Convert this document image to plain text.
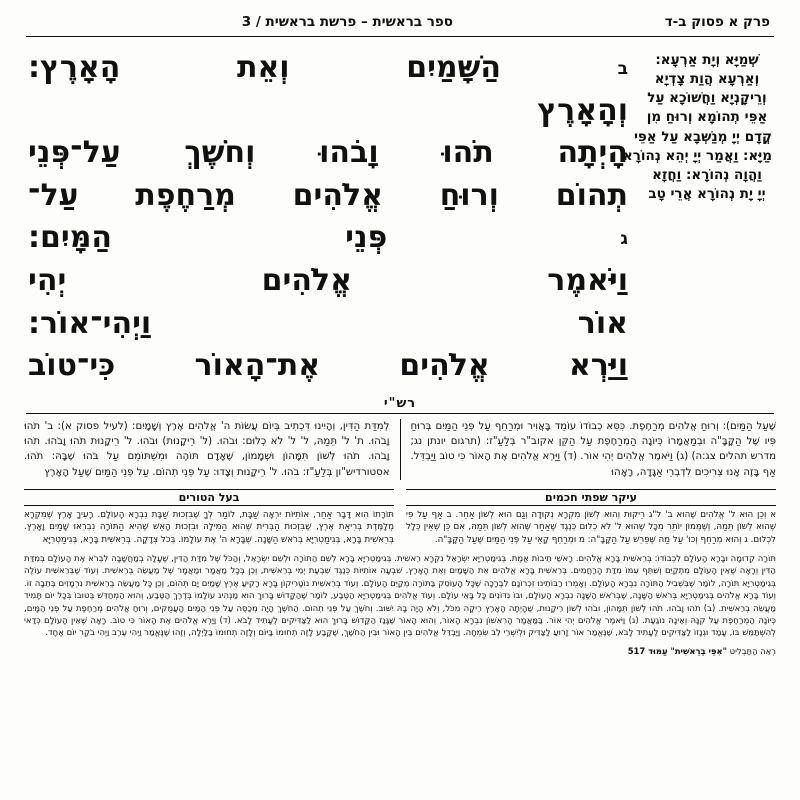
פרק א פסוק ב-ד
ספר בראשית – פרשת בראשית / 3
שְׁמַיָּא וְיָת אַרְעָא:
וְאַרְעָא הֲוַת צָדְיָא
וְרֵיקָנְיָא וַחֲשׁוֹכָא עַל
אַפֵּי תְהוֹמָא וְרוּחַ מִן
קֳדָם יְיָ מְנַשְּׁבָא עַל אַפֵּי
מַיָּא: וַאֲמַר יְיָ יְהֵא נְהוֹרָא
וַהֲוָה נְהוֹרָא: וַחֲזָא
יְיָ יָת נְהוֹרָא אֲרֵי טָב
ב הַשָּׁמַיִם וְאֵת הָאָרֶץ:
וְהָאָרֶץ
הָיְתָה תֹהוּ וָבֹהוּ וְחֹשֶׁךְ עַל־פְּנֵי
תְהוֹם וְרוּחַ אֱלֹהִים מְרַחֶפֶת עַל־
ג פְּנֵי הַמָּיִם:
וַיֹּאמֶר אֱלֹהִים יְהִי
אוֹר וַיְהִי־אוֹר:
וַיַּרְא אֱלֹהִים אֶת־הָאוֹר כִּי־טוֹב
רש"י
שֶׁעַל הַמַּיִם): וְרוּחַ אֱלֹהִים מְרַחֶפֶת. כִּסֵּא כְבוֹדוֹ עוֹמֵד בָּאֲוִיר וּמְרַחֵף עַל פְּנֵי הַמַּיִם בְּרוּחַ פִּיו שֶׁל הַקָּבָּ"ה וּבְמַאֲמָרוֹ כְּיוֹנָה הַמְרַחֶפֶת עַל הַקֵּן אקוב"ר בְּלַעַ"ז: (תרגום יונתן נג; מדרש תהלים צג:ה) (ג) וַיֹּאמֶר אֱלֹהִים יְהִי אוֹר. (ד) וַיַּרְא אֱלֹהִים אֶת הָאוֹר כִּי טוֹב וַיַּבְדֵּל. אַף בָּזֶה אָנוּ צְרִיכִים לִדְבְרֵי אַגָּדָה, רָאָהוּ
לְמִדַּת הַדִּין, וְהָיִינוּ דִּכְתִיב בְּיוֹם עֲשׂוֹת ה' אֱלֹהִים אֶרֶץ וְשָׁמָיִם: (לעיל פסוק א): ב' תֹהוּ וָבֹהוּ. ת' ל' תֵּמַהּ, ל' ל' לֹא כְלוּם: וּבֹהוּ. (ל' רֵיקָנוּת) וּבֹהוּ. ל' רֵיקָנוּת תֹהוּ וָבֹהוּ. תֹהוּ וָבֹהוּ. תֹהוּ לְשׁוֹן תִּמָּהוֹן וּשְׁמָמוֹן, שֶׁאָדָם תּוֹהֶה וּמִשְׁתּוֹמֵם עַל בֹּהוּ שֶׁבָּהּ: תֹהוּ. אסטורדיש"ון בְּלַעַ"ז: בֹהוּ. ל' רֵיקָנוּת וְצָדוּ: עַל פְּנֵי תְהוֹם. עַל פְּנֵי הַמַּיִם שֶׁעַל הָאָרֶץ
עיקר שפתי חכמים
בעל הטורים
א וְכֵן הוּא ל' אֱלֹהִים שֶׁהוּא ב' ל"ג רֵיקוּת וְהוּא לְשׁוֹן מִקְרָא נְקוּדָה וְגַם הוּא לְשׁוֹן אַחֵר. ב אַף עַל פִּי שֶׁהוּא לְשׁוֹן תֵּמַהּ, וְשֶׁמְּמוֹן יוֹתֵר מִכָּל שֶׁהוּא ל' לֹא כְלוּם כְּנֶגֶד שֶׁאַחַר שֶׁהוּא לְשׁוֹן תֵּמַהּ, אִם כֵּן שֶׁאֵין כְּלָל לִכְלוּם. ג וְהוּא מְרַחֵף וְכוּ' עַל מַה שֶּׁפֵּרֵשׁ עַל הַקָּבָּ"ה: מ וּמְרַחֵף קָאֵי עַל פְּנֵי הַמַּיִם שֶׁעַל הַקָּבָּ"ה.
תּוֹרָתוֹ הִוא דָּבָר אַחֵר, אוֹתִיּוֹת יִרְאָה שַׁבָּת, לוֹמַר לְךָ שֶׁבִּזְכוּת שַׁבָּת נִבְרָא הָעוֹלָם. רָעִיךָ אָרֶץ שֶׁמִּקְרָא מְלָמֶּדֶת בְּרִיאַת אֶרֶץ, שֶׁבִּזְכוּת הַבְּרִית שֶׁהוּא הַמִּילָה וּבִזְכוּת הָאֵשׁ שֶׁהִיא הַתּוֹרָה נִבְרְאוּ שָׁמַיִם וָאָרֶץ. בְּרֵאשִׁית בָּרָא, בְּגִימַטְרִיָּא בְּרֹאשׁ הַשָּׁנָה. שֶׁבָּרָא ה' אֶת עוֹלָמוֹ. בְּכֹל צְדָקָה. בְּרֵאשִׁית בָּרָא, בְּגִימַטְרִיָּא
תּוֹרָה קְדוּמָה וּבָרָא הָעוֹלָם לִכְבוֹדוֹ: בְּרֵאשִׁית בָּרָא אֱלֹהִים. רָאשֵׁי תֵיבוֹת אֱמֶת. בְּגִימַטְרִיָּא יִשְׂרָאֵל נִקְרָא רֵאשִׁית. בְּגִימַטְרִיָּא בָּרָא לְשֵׁם הַתּוֹרָה וּלְשֵׁם יִשְׂרָאֵל, וְהַכֹּל שֶׁל מִדַּת הַדִּין, שֶׁעָלָה בְמַחֲשָׁבָה לִבְרֹא אֶת הָעוֹלָם בְּמִדַּת הַדִּין וְרָאָה שֶׁאֵין הָעוֹלָם מִתְקַיֵּם וְשִׁתֵּף עִמּוֹ מִדַּת הָרַחֲמִים. בְּרֵאשִׁית בָּרָא אֱלֹהִים אֵת הַשָּׁמַיִם וְאֵת הָאָרֶץ. שִׁבְעָה אוֹתִיּוֹת כְּנֶגֶד שִׁבְעַת יְמֵי בְרֵאשִׁית, וְכֵן בְּכָל מַאֲמָר וּמַאֲמָר שֶׁל מַעֲשֵׂה בְרֵאשִׁית. וְעוֹד שֶׁבְּרֵאשִׁית עוֹלֶה בְּגִימַטְרִיָּא תּוֹרָה, לוֹמַר שֶׁבִּשְׁבִיל הַתּוֹרָה נִבְרָא הָעוֹלָם. וְאָמְרוּ רַבּוֹתֵינוּ זִכְרוֹנָם לִבְרָכָה שֶׁכָּל הָעוֹסֵק בַּתּוֹרָה מְקַיֵּם הָעוֹלָם. וְעוֹד בְּרֵאשִׁית נוֹטָרִיקוֹן בָּרָא רָקִיעַ אֶרֶץ שָׁמַיִם יָם תְּהוֹם, וְכֵן כָּל מַעֲשֵׂה בְרֵאשִׁית נִרְמָזִים בְּתֵבָה זוֹ. וְעוֹד בָּרָא אֱלֹהִים בְּגִימַטְרִיָּא בְּרֹאשׁ הַשָּׁנָה, שֶׁבְּרֹאשׁ הַשָּׁנָה נִבְרָא הָעוֹלָם, וּבוֹ נִדּוֹנִים כָּל בָּאֵי עוֹלָם. וְעוֹד אֱלֹהִים בְּגִימַטְרִיָּא הַטֶּבַע, לוֹמַר שֶׁהַקָּדוֹשׁ בָּרוּךְ הוּא מַנְהִיג עוֹלָמוֹ בְּדֶרֶךְ הַטֶּבַע, וְהוּא הַמְחַדֵּשׁ בְּטוּבוֹ בְּכָל יוֹם תָּמִיד מַעֲשֵׂה בְרֵאשִׁית. (ב) תֹהוּ וָבֹהוּ. תֹהוּ לְשׁוֹן תִּמָּהוֹן, וּבֹהוּ לְשׁוֹן רֵיקָנוּת, שֶׁהָיְתָה הָאָרֶץ רֵיקָה מִכֹּל, וְלֹא הָיָה בָהּ יִשּׁוּב. וְחֹשֶׁךְ עַל פְּנֵי תְהוֹם. הַחֹשֶׁךְ הָיָה מְכַסֶּה עַל פְּנֵי הַמַּיִם הָעֲמֻקִּים, וְרוּחַ אֱלֹהִים מְרַחֶפֶת עַל פְּנֵי הַמָּיִם, כְּיוֹנָה הַמְרַחֶפֶת עַל קִנָּהּ וְאֵינָהּ נוֹגַעַת. (ג) וַיֹּאמֶר אֱלֹהִים יְהִי אוֹר. בַּמַּאֲמָר הָרִאשׁוֹן נִבְרָא הָאוֹר, וְהוּא הָאוֹר שֶׁגָּנַז הַקָּדוֹשׁ בָּרוּךְ הוּא לַצַּדִּיקִים לֶעָתִיד לָבֹא. (ד) וַיַּרְא אֱלֹהִים אֶת הָאוֹר כִּי טוֹב. רָאָה שֶׁאֵין הָעוֹלָם כְּדַאי לְהִשְׁתַּמֵּשׁ בּוֹ, עָמַד וּגְנָזוֹ לַצַּדִּיקִים לֶעָתִיד לָבֹא, שֶׁנֶּאֱמַר אוֹר זָרוּעַ לַצַּדִּיק וּלְיִשְׁרֵי לֵב שִׂמְחָה. וַיַּבְדֵּל אֱלֹהִים בֵּין הָאוֹר וּבֵין הַחֹשֶׁךְ, שֶׁקָּבַע לָזֶה תְחוּמוֹ בַּיּוֹם וְלָזֶה תְחוּמוֹ בַּלַּיְלָה, וְזֶהוּ שֶׁנֶּאֱמַר וַיְהִי עֶרֶב וַיְהִי בֹקֶר יוֹם אֶחָד.
רְאֵה הַתַּבְלִיט "אִפֵּי בְרֵאשִׁית" עַמּוּד 517
